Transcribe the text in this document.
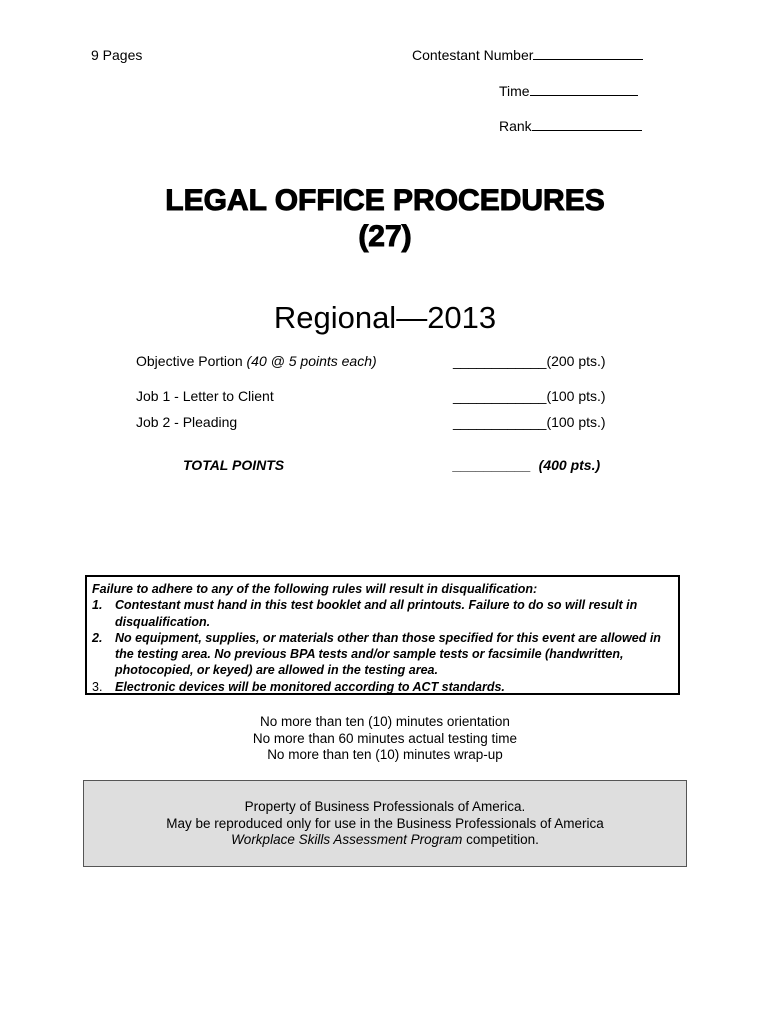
9 Pages	Contestant Number
Time
Rank
LEGAL OFFICE PROCEDURES
(27)
Regional—2013
Objective Portion (40 @ 5 points each)	____________(200 pts.)
Job 1 - Letter to Client	____________(100 pts.)
Job 2 - Pleading	____________(100 pts.)
TOTAL POINTS	__________ (400 pts.)
Failure to adhere to any of the following rules will result in disqualification:
1. Contestant must hand in this test booklet and all printouts. Failure to do so will result in disqualification.
2. No equipment, supplies, or materials other than those specified for this event are allowed in the testing area. No previous BPA tests and/or sample tests or facsimile (handwritten, photocopied, or keyed) are allowed in the testing area.
3. Electronic devices will be monitored according to ACT standards.
No more than ten (10) minutes orientation
No more than 60 minutes actual testing time
No more than ten (10) minutes wrap-up
Property of Business Professionals of America.
May be reproduced only for use in the Business Professionals of America
Workplace Skills Assessment Program competition.
